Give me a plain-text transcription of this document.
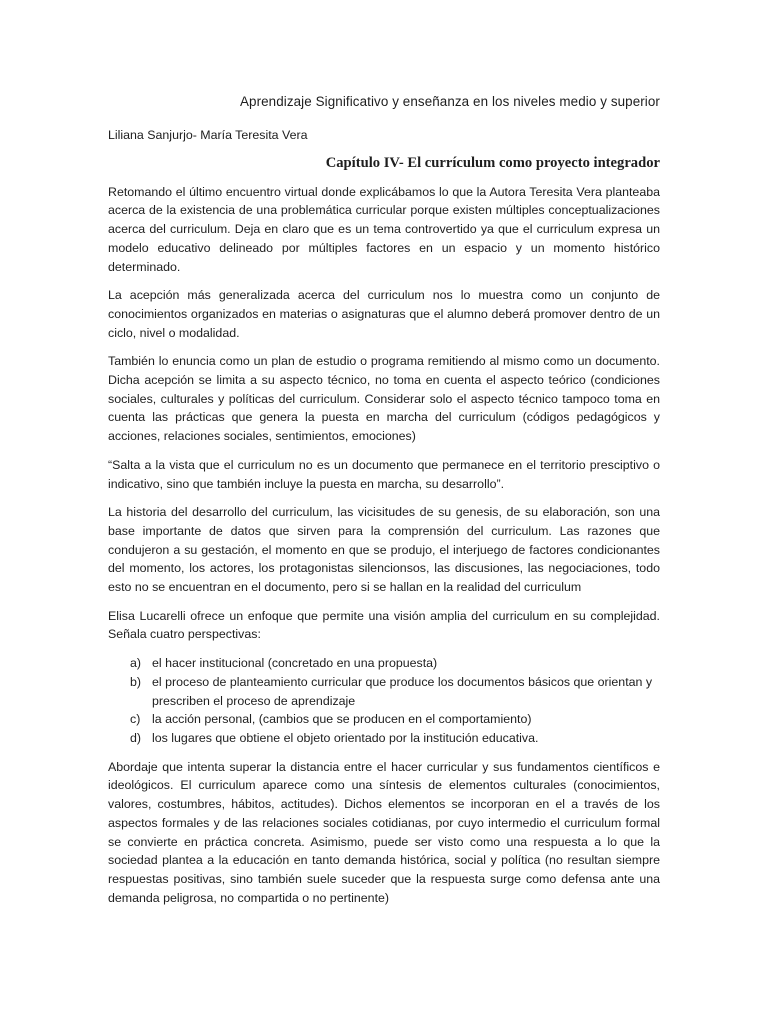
Aprendizaje Significativo y enseñanza en los niveles medio y superior
Liliana Sanjurjo- María Teresita Vera
Capítulo IV- El currículum como proyecto integrador

Retomando el último encuentro virtual donde explicábamos lo que la Autora Teresita Vera planteaba acerca de la existencia de una problemática curricular porque existen múltiples conceptualizaciones acerca del curriculum. Deja en claro que es un tema controvertido ya que el curriculum expresa un modelo educativo delineado por múltiples factores en un espacio y un momento histórico determinado.

La acepción más generalizada acerca del curriculum nos lo muestra como un conjunto de conocimientos organizados en materias o asignaturas que el alumno deberá promover dentro de un ciclo, nivel o modalidad.

También lo enuncia como un plan de estudio o programa remitiendo al mismo como un documento. Dicha acepción se limita a su aspecto técnico, no toma en cuenta el aspecto teórico (condiciones sociales, culturales y políticas del curriculum. Considerar solo el aspecto técnico tampoco toma en cuenta las prácticas que genera la puesta en marcha del curriculum (códigos pedagógicos y acciones, relaciones sociales, sentimientos, emociones)

“Salta a la vista que el curriculum no es un documento que permanece en el territorio presciptivo o indicativo, sino que también incluye la puesta en marcha, su desarrollo”.

La historia del desarrollo del curriculum, las vicisitudes de su genesis, de su elaboración, son una base importante de datos que sirven para la comprensión del curriculum. Las razones que condujeron a su gestación, el momento en que se produjo, el interjuego de factores condicionantes del momento, los actores, los protagonistas silencionsos, las discusiones, las negociaciones, todo esto no se encuentran en el documento, pero si se hallan en la realidad del curriculum

Elisa Lucarelli ofrece un enfoque que permite una visión amplia del curriculum en su complejidad. Señala cuatro perspectivas:

a) el hacer institucional (concretado en una propuesta)
b) el proceso de planteamiento curricular que produce los documentos básicos que orientan y prescriben el proceso de aprendizaje
c) la acción personal, (cambios que se producen en el comportamiento)
d) los lugares que obtiene el objeto orientado por la institución educativa.

Abordaje que intenta superar la distancia entre el hacer curricular y sus fundamentos científicos e ideológicos. El curriculum aparece como una síntesis de elementos culturales (conocimientos, valores, costumbres, hábitos, actitudes). Dichos elementos se incorporan en el a través de los aspectos formales y de las relaciones sociales cotidianas, por cuyo intermedio el curriculum formal se convierte en práctica concreta. Asimismo, puede ser visto como una respuesta a lo que la sociedad plantea a la educación en tanto demanda histórica, social y política (no resultan siempre respuestas positivas, sino también suele suceder que la respuesta surge como defensa ante una demanda peligrosa, no compartida o no pertinente)
